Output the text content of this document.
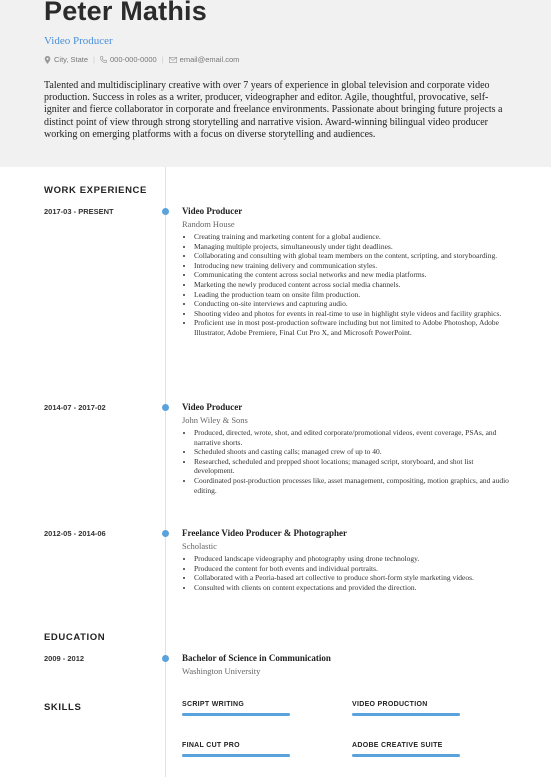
Peter Mathis
Video Producer
City, State | 000-000-0000 | email@email.com

Talented and multidisciplinary creative with over 7 years of experience in global television and corporate video production. Success in roles as a writer, producer, videographer and editor. Agile, thoughtful, provocative, self-igniter and fierce collaborator in corporate and freelance environments. Passionate about bringing future projects a distinct point of view through strong storytelling and narrative vision. Award-winning bilingual video producer working on emerging platforms with a focus on diverse storytelling and audiences.

WORK EXPERIENCE
2017-03 - PRESENT	Video Producer
Random House
• Creating training and marketing content for a global audience.
• Managing multiple projects, simultaneously under tight deadlines.
• Collaborating and consulting with global team members on the content, scripting, and storyboarding.
• Introducing new training delivery and communication styles.
• Communicating the content across social networks and new media platforms.
• Marketing the newly produced content across social media channels.
• Leading the production team on onsite film production.
• Conducting on-site interviews and capturing audio.
• Shooting video and photos for events in real-time to use in highlight style videos and facility graphics.
• Proficient use in most post-production software including but not limited to Adobe Photoshop, Adobe Illustrator, Adobe Premiere, Final Cut Pro X, and Microsoft PowerPoint.
2014-07 - 2017-02	Video Producer
John Wiley & Sons
• Produced, directed, wrote, shot, and edited corporate/promotional videos, event coverage, PSAs, and narrative shorts.
• Scheduled shoots and casting calls; managed crew of up to 40.
• Researched, scheduled and prepped shoot locations; managed script, storyboard, and shot list development.
• Coordinated post-production processes like, asset management, compositing, motion graphics, and audio editing.
2012-05 - 2014-06	Freelance Video Producer & Photographer
Scholastic
• Produced landscape videography and photography using drone technology.
• Produced the content for both events and individual portraits.
• Collaborated with a Peoria-based art collective to produce short-form style marketing videos.
• Consulted with clients on content expectations and provided the direction.
EDUCATION
2009 - 2012	Bachelor of Science in Communication
Washington University
SKILLS	SCRIPT WRITING	VIDEO PRODUCTION
FINAL CUT PRO	ADOBE CREATIVE SUITE
